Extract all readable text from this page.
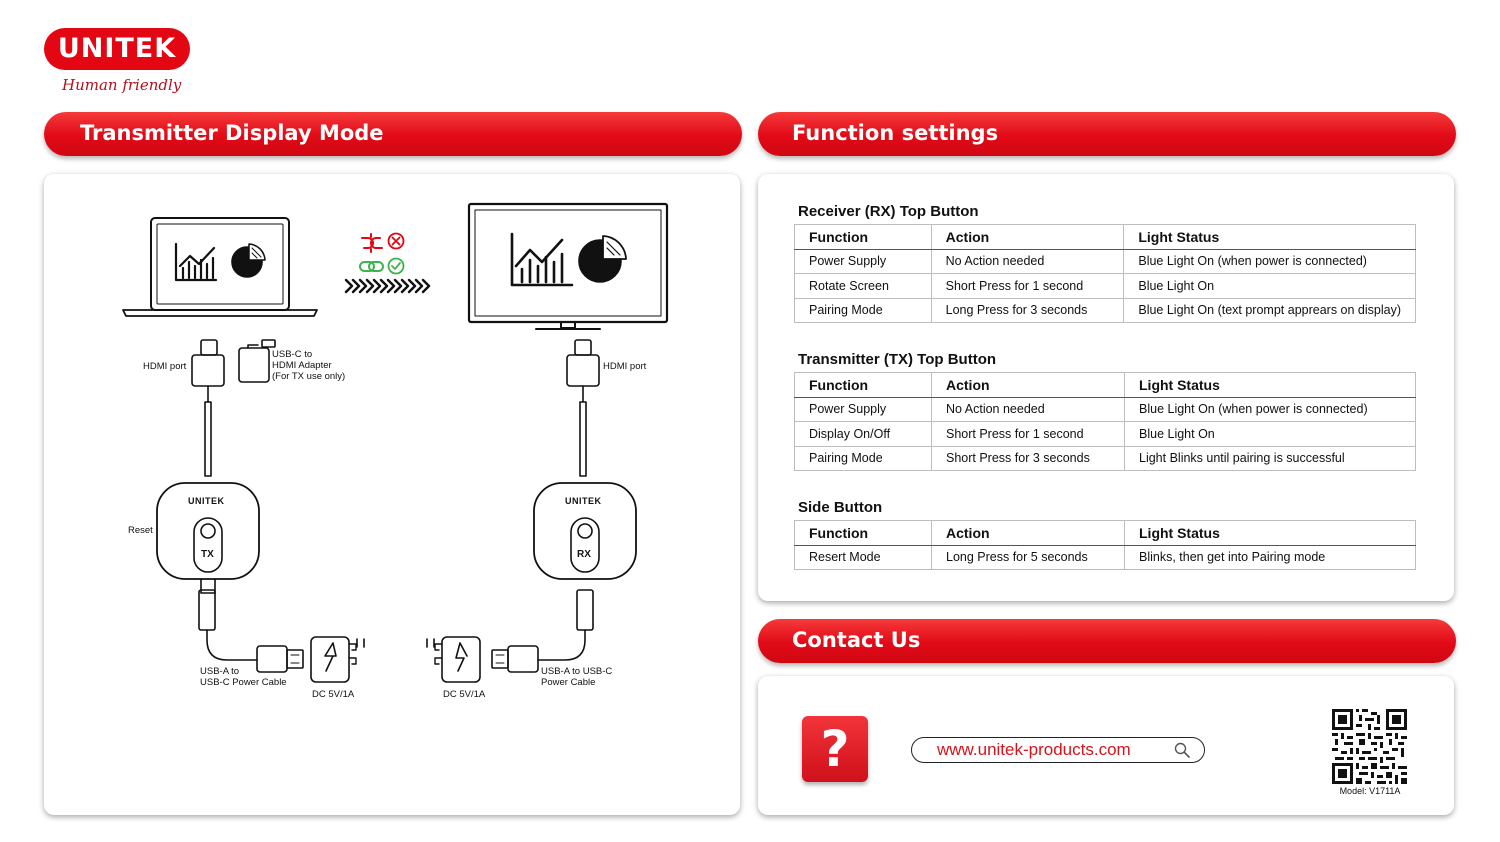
UNITEK
Human friendly
Transmitter Display Mode	Function settings
Contact Us
HDMI port
USB-C to
HDMI Adapter
(For TX use only)
HDMI port
Reset
UNITEK	UNITEK
TX	RX
USB-A to
USB-C Power Cable
USB-A to USB-C
Power Cable
DC 5V/1A	DC 5V/1A
Receiver (RX) Top Button
Function	Action	Light Status
Power Supply	No Action needed	Blue Light On (when power is connected)
Rotate Screen	Short Press for 1 second	Blue Light On
Pairing Mode	Long Press for 3 seconds	Blue Light On (text prompt apprears on display)
Transmitter (TX) Top Button
Function	Action	Light Status
Power Supply	No Action needed	Blue Light On (when power is connected)
Display On/Off	Short Press for 1 second	Blue Light On
Pairing Mode	Short Press for 3 seconds	Light Blinks until pairing is successful
Side Button
Function	Action	Light Status
Resert Mode	Long Press for 5 seconds	Blinks, then get into Pairing mode
?	www.unitek-products.com
Model: V1711A
